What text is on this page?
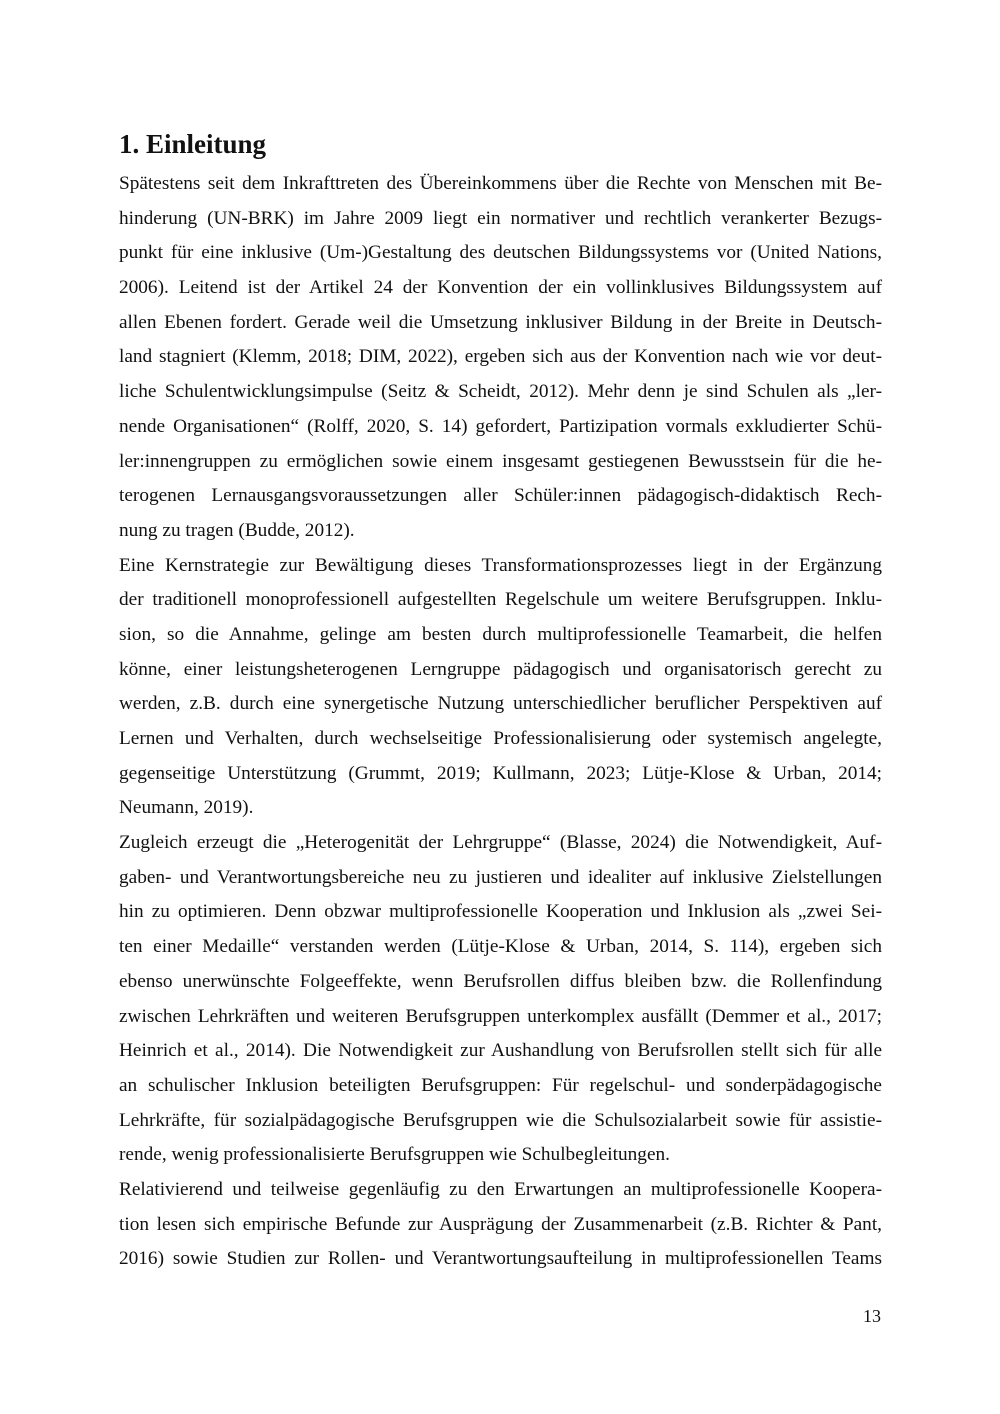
1. Einleitung
Spätestens seit dem Inkrafttreten des Übereinkommens über die Rechte von Menschen mit Be-
hinderung (UN-BRK) im Jahre 2009 liegt ein normativer und rechtlich verankerter Bezugs-
punkt für eine inklusive (Um-)Gestaltung des deutschen Bildungssystems vor (United Nations,
2006). Leitend ist der Artikel 24 der Konvention der ein vollinklusives Bildungssystem auf
allen Ebenen fordert. Gerade weil die Umsetzung inklusiver Bildung in der Breite in Deutsch-
land stagniert (Klemm, 2018; DIM, 2022), ergeben sich aus der Konvention nach wie vor deut-
liche Schulentwicklungsimpulse (Seitz & Scheidt, 2012). Mehr denn je sind Schulen als „ler-
nende Organisationen“ (Rolff, 2020, S. 14) gefordert, Partizipation vormals exkludierter Schü-
ler:innengruppen zu ermöglichen sowie einem insgesamt gestiegenen Bewusstsein für die he-
terogenen Lernausgangsvoraussetzungen aller Schüler:innen pädagogisch-didaktisch Rech-
nung zu tragen (Budde, 2012).
Eine Kernstrategie zur Bewältigung dieses Transformationsprozesses liegt in der Ergänzung
der traditionell monoprofessionell aufgestellten Regelschule um weitere Berufsgruppen. Inklu-
sion, so die Annahme, gelinge am besten durch multiprofessionelle Teamarbeit, die helfen
könne, einer leistungsheterogenen Lerngruppe pädagogisch und organisatorisch gerecht zu
werden, z.B. durch eine synergetische Nutzung unterschiedlicher beruflicher Perspektiven auf
Lernen und Verhalten, durch wechselseitige Professionalisierung oder systemisch angelegte,
gegenseitige Unterstützung (Grummt, 2019; Kullmann, 2023; Lütje-Klose & Urban, 2014;
Neumann, 2019).
Zugleich erzeugt die „Heterogenität der Lehrgruppe“ (Blasse, 2024) die Notwendigkeit, Auf-
gaben- und Verantwortungsbereiche neu zu justieren und idealiter auf inklusive Zielstellungen
hin zu optimieren. Denn obzwar multiprofessionelle Kooperation und Inklusion als „zwei Sei-
ten einer Medaille“ verstanden werden (Lütje-Klose & Urban, 2014, S. 114), ergeben sich
ebenso unerwünschte Folgeeffekte, wenn Berufsrollen diffus bleiben bzw. die Rollenfindung
zwischen Lehrkräften und weiteren Berufsgruppen unterkomplex ausfällt (Demmer et al., 2017;
Heinrich et al., 2014). Die Notwendigkeit zur Aushandlung von Berufsrollen stellt sich für alle
an schulischer Inklusion beteiligten Berufsgruppen: Für regelschul- und sonderpädagogische
Lehrkräfte, für sozialpädagogische Berufsgruppen wie die Schulsozialarbeit sowie für assistie-
rende, wenig professionalisierte Berufsgruppen wie Schulbegleitungen.
Relativierend und teilweise gegenläufig zu den Erwartungen an multiprofessionelle Koopera-
tion lesen sich empirische Befunde zur Ausprägung der Zusammenarbeit (z.B. Richter & Pant,
2016) sowie Studien zur Rollen- und Verantwortungsaufteilung in multiprofessionellen Teams
13
